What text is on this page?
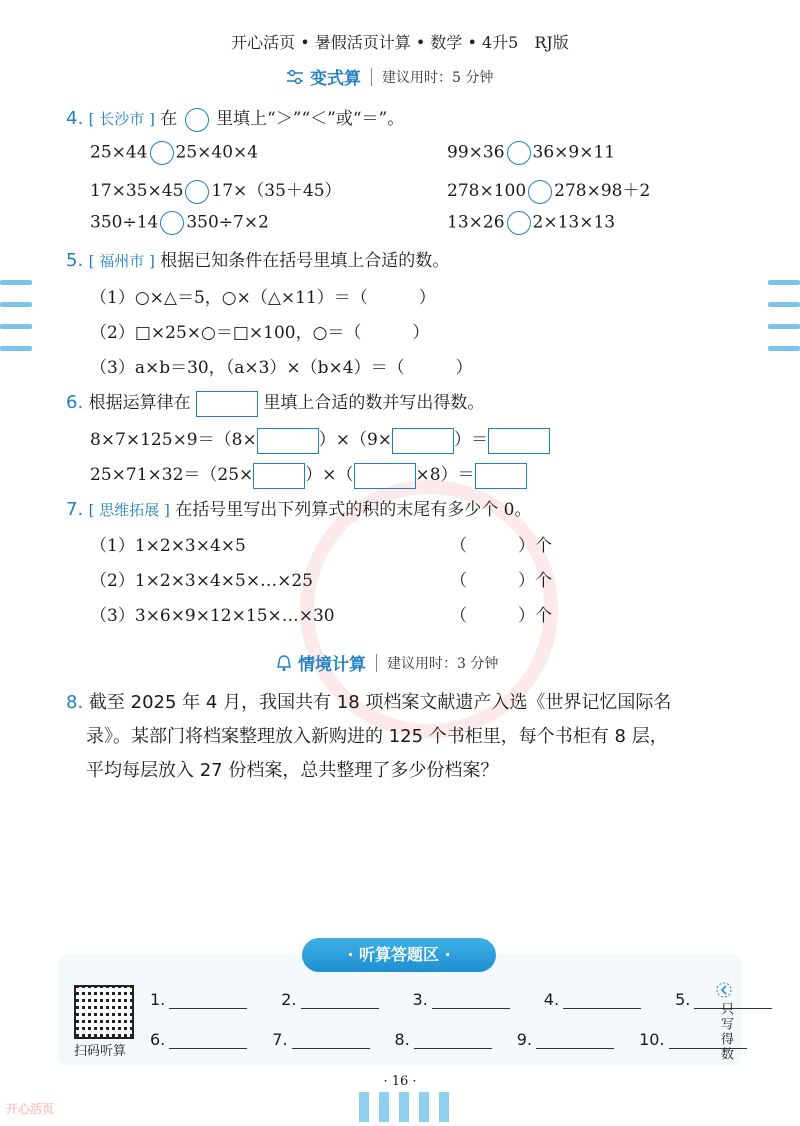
开心活页 • 暑假活页计算 • 数学 • 4升5　RJ版
变式算 建议用时：5 分钟
4. [ 长沙市 ] 在 里填上“＞”“＜”或“＝”。
25×44 25×40×4	99×36 36×9×11
17×35×45 17×（35＋45）	278×100 278×98＋2
350÷14 350÷7×2	13×26 2×13×13
5. [ 福州市 ] 根据已知条件在括号里填上合适的数。
（1）○×△＝5，○×（△×11）＝（　　　）
（2）□×25×○＝□×100，○＝（　　　）
（3）a×b＝30，（a×3）×（b×4）＝（　　　）
6. 根据运算律在	里填上合适的数并写出得数。
8×7×125×9＝（8×	）×（9×	）＝
25×71×32＝（25×	）×（	×8）＝
7. [ 思维拓展 ] 在括号里写出下列算式的积的末尾有多少个 0。
（1）1×2×3×4×5	（　　　）个
（2）1×2×3×4×5×…×25	（　　　）个
（3）3×6×9×12×15×…×30	（　　　）个
情境计算 建议用时：3 分钟
8. 截至 2025 年 4 月，我国共有 18 项档案文献遗产入选《世界记忆国际名
录》。某部门将档案整理放入新购进的 125 个书柜里，每个书柜有 8 层，
平均每层放入 27 份档案，总共整理了多少份档案？
· 听算答题区 ·
扫码听算
1.	2.	3.	4.	5.
6.	7.	8.	9.	10.	只写得数
· 16 ·
开心活页
